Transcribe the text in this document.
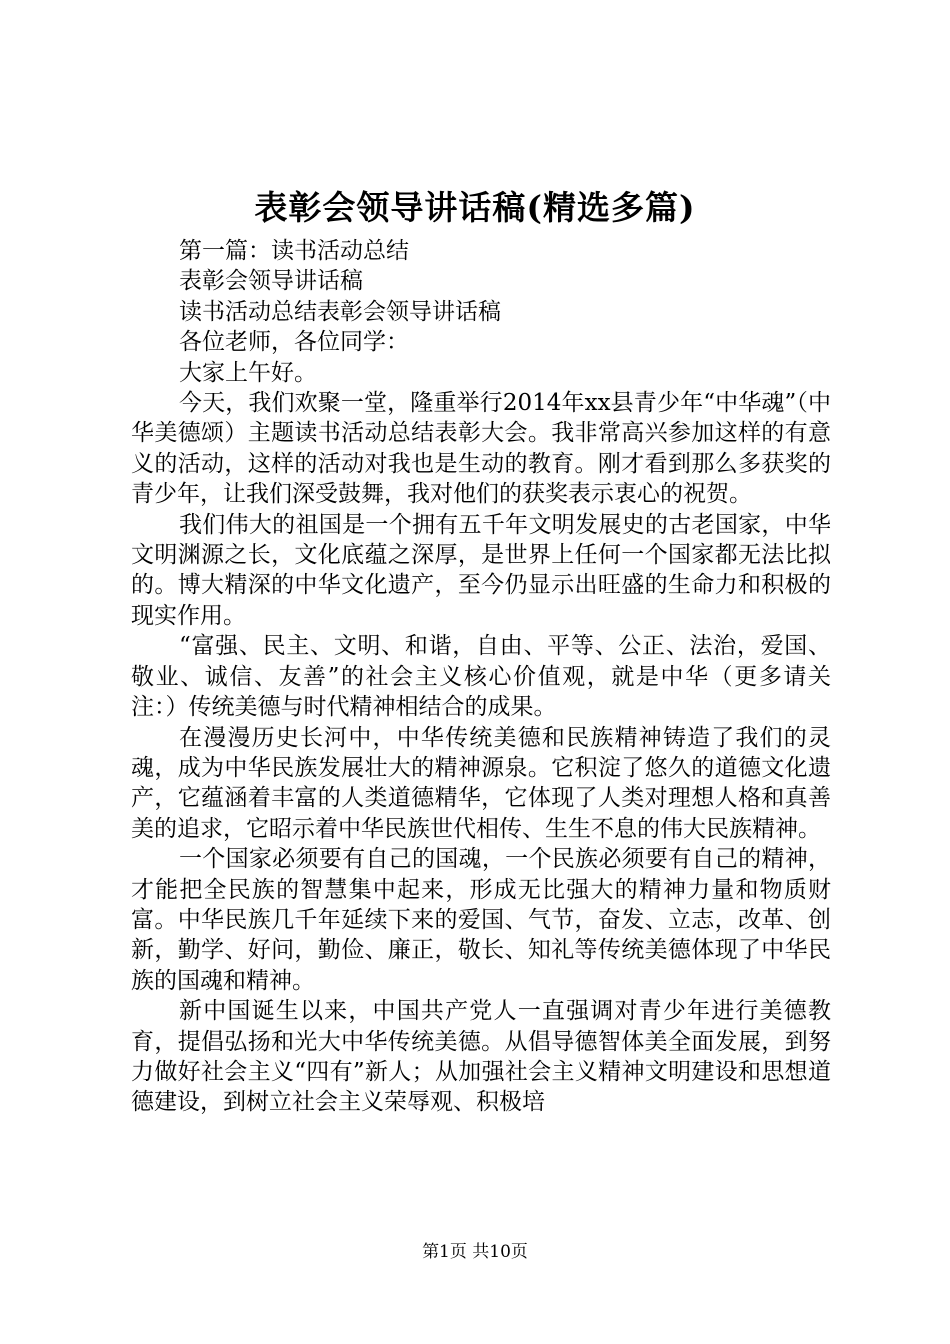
表彰会领导讲话稿(精选多篇)
第一篇：读书活动总结
表彰会领导讲话稿
读书活动总结表彰会领导讲话稿
各位老师，各位同学：
大家上午好。
今天，我们欢聚一堂，隆重举行2014年xx县青少年“中华魂”（中华美德颂）主题读书活动总结表彰大会。我非常高兴参加这样的有意义的活动，这样的活动对我也是生动的教育。刚才看到那么多获奖的青少年，让我们深受鼓舞，我对他们的获奖表示衷心的祝贺。
我们伟大的祖国是一个拥有五千年文明发展史的古老国家，中华文明渊源之长，文化底蕴之深厚，是世界上任何一个国家都无法比拟的。博大精深的中华文化遗产，至今仍显示出旺盛的生命力和积极的现实作用。
“富强、民主、文明、和谐，自由、平等、公正、法治，爱国、敬业、诚信、友善”的社会主义核心价值观，就是中华（更多请关注：）传统美德与时代精神相结合的成果。
在漫漫历史长河中，中华传统美德和民族精神铸造了我们的灵魂，成为中华民族发展壮大的精神源泉。它积淀了悠久的道德文化遗产，它蕴涵着丰富的人类道德精华，它体现了人类对理想人格和真善美的追求，它昭示着中华民族世代相传、生生不息的伟大民族精神。
一个国家必须要有自己的国魂，一个民族必须要有自己的精神，才能把全民族的智慧集中起来，形成无比强大的精神力量和物质财富。中华民族几千年延续下来的爱国、气节，奋发、立志，改革、创新，勤学、好问，勤俭、廉正，敬长、知礼等传统美德体现了中华民族的国魂和精神。
新中国诞生以来，中国共产党人一直强调对青少年进行美德教育，提倡弘扬和光大中华传统美德。从倡导德智体美全面发展，到努力做好社会主义“四有”新人；从加强社会主义精神文明建设和思想道德建设，到树立社会主义荣辱观、积极培
第1页 共10页
